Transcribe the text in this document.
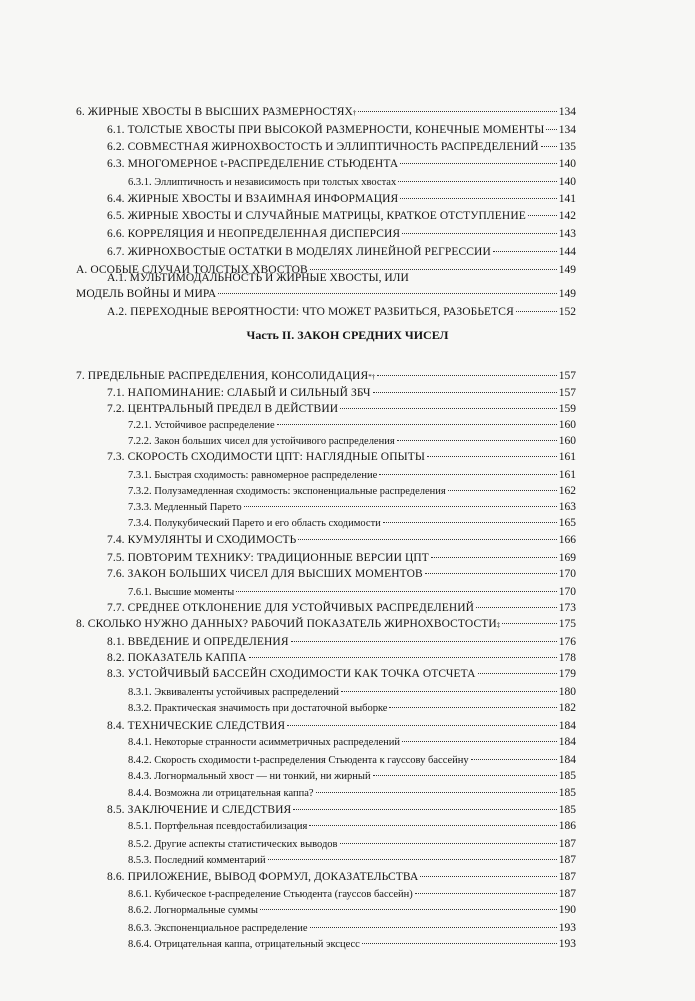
6. ЖИРНЫЕ ХВОСТЫ В ВЫСШИХ РАЗМЕРНОСТЯХ †	134
6.1. ТОЛСТЫЕ ХВОСТЫ ПРИ ВЫСОКОЙ РАЗМЕРНОСТИ, КОНЕЧНЫЕ МОМЕНТЫ 134
6.2. СОВМЕСТНАЯ ЖИРНОХВОСТОСТЬ И ЭЛЛИПТИЧНОСТЬ РАСПРЕДЕЛЕНИЙ 135
6.3. МНОГОМЕРНОЕ t-РАСПРЕДЕЛЕНИЕ СТЬЮДЕНТА	140
6.3.1. Эллиптичность и независимость при толстых хвостах	140
6.4. ЖИРНЫЕ ХВОСТЫ И ВЗАИМНАЯ ИНФОРМАЦИЯ	141
6.5. ЖИРНЫЕ ХВОСТЫ И СЛУЧАЙНЫЕ МАТРИЦЫ, КРАТКОЕ ОТСТУПЛЕНИЕ	142
6.6. КОРРЕЛЯЦИЯ И НЕОПРЕДЕЛЕННАЯ ДИСПЕРСИЯ	143
6.7. ЖИРНОХВОСТЫЕ ОСТАТКИ В МОДЕЛЯХ ЛИНЕЙНОЙ РЕГРЕССИИ	144
А. ОСОБЫЕ СЛУЧАИ ТОЛСТЫХ ХВОСТОВ	149
А.1. МУЛЬТИМОДАЛЬНОСТЬ И ЖИРНЫЕ ХВОСТЫ, ИЛИ
МОДЕЛЬ ВОЙНЫ И МИРА	149
А.2. ПЕРЕХОДНЫЕ ВЕРОЯТНОСТИ: ЧТО МОЖЕТ РАЗБИТЬСЯ, РАЗОБЬЕТСЯ	152
Часть II. ЗАКОН СРЕДНИХ ЧИСЕЛ
7. ПРЕДЕЛЬНЫЕ РАСПРЕДЕЛЕНИЯ, КОНСОЛИДАЦИЯ *†	157
7.1. НАПОМИНАНИЕ: СЛАБЫЙ И СИЛЬНЫЙ ЗБЧ	157
7.2. ЦЕНТРАЛЬНЫЙ ПРЕДЕЛ В ДЕЙСТВИИ	159
7.2.1. Устойчивое распределение	160
7.2.2. Закон больших чисел для устойчивого распределения	160
7.3. СКОРОСТЬ СХОДИМОСТИ ЦПТ: НАГЛЯДНЫЕ ОПЫТЫ	161
7.3.1. Быстрая сходимость: равномерное распределение	161
7.3.2. Полузамедленная сходимость: экспоненциальные распределения	162
7.3.3. Медленный Парето	163
7.3.4. Полукубический Парето и его область сходимости	165
7.4. КУМУЛЯНТЫ И СХОДИМОСТЬ	166
7.5. ПОВТОРИМ ТЕХНИКУ: ТРАДИЦИОННЫЕ ВЕРСИИ ЦПТ	169
7.6. ЗАКОН БОЛЬШИХ ЧИСЕЛ ДЛЯ ВЫСШИХ МОМЕНТОВ	170
7.6.1. Высшие моменты	170
7.7. СРЕДНЕЕ ОТКЛОНЕНИЕ ДЛЯ УСТОЙЧИВЫХ РАСПРЕДЕЛЕНИЙ	173
8. СКОЛЬКО НУЖНО ДАННЫХ? РАБОЧИЙ ПОКАЗАТЕЛЬ ЖИРНОХВОСТОСТИ ‡	175
8.1. ВВЕДЕНИЕ И ОПРЕДЕЛЕНИЯ	176
8.2. ПОКАЗАТЕЛЬ КАППА	178
8.3. УСТОЙЧИВЫЙ БАССЕЙН СХОДИМОСТИ КАК ТОЧКА ОТСЧЕТА	179
8.3.1. Эквиваленты устойчивых распределений	180
8.3.2. Практическая значимость при достаточной выборке	182
8.4. ТЕХНИЧЕСКИЕ СЛЕДСТВИЯ	184
8.4.1. Некоторые странности асимметричных распределений	184
8.4.2. Скорость сходимости t-распределения Стьюдента к гауссову бассейну	184
8.4.3. Логнормальный хвост — ни тонкий, ни жирный	185
8.4.4. Возможна ли отрицательная каппа?	185
8.5. ЗАКЛЮЧЕНИЕ И СЛЕДСТВИЯ	185
8.5.1. Портфельная псевдостабилизация	186
8.5.2. Другие аспекты статистических выводов	187
8.5.3. Последний комментарий	187
8.6. ПРИЛОЖЕНИЕ, ВЫВОД ФОРМУЛ, ДОКАЗАТЕЛЬСТВА	187
8.6.1. Кубическое t-распределение Стьюдента (гауссов бассейн)	187
8.6.2. Логнормальные суммы	190
8.6.3. Экспоненциальное распределение	193
8.6.4. Отрицательная каппа, отрицательный эксцесс	193
